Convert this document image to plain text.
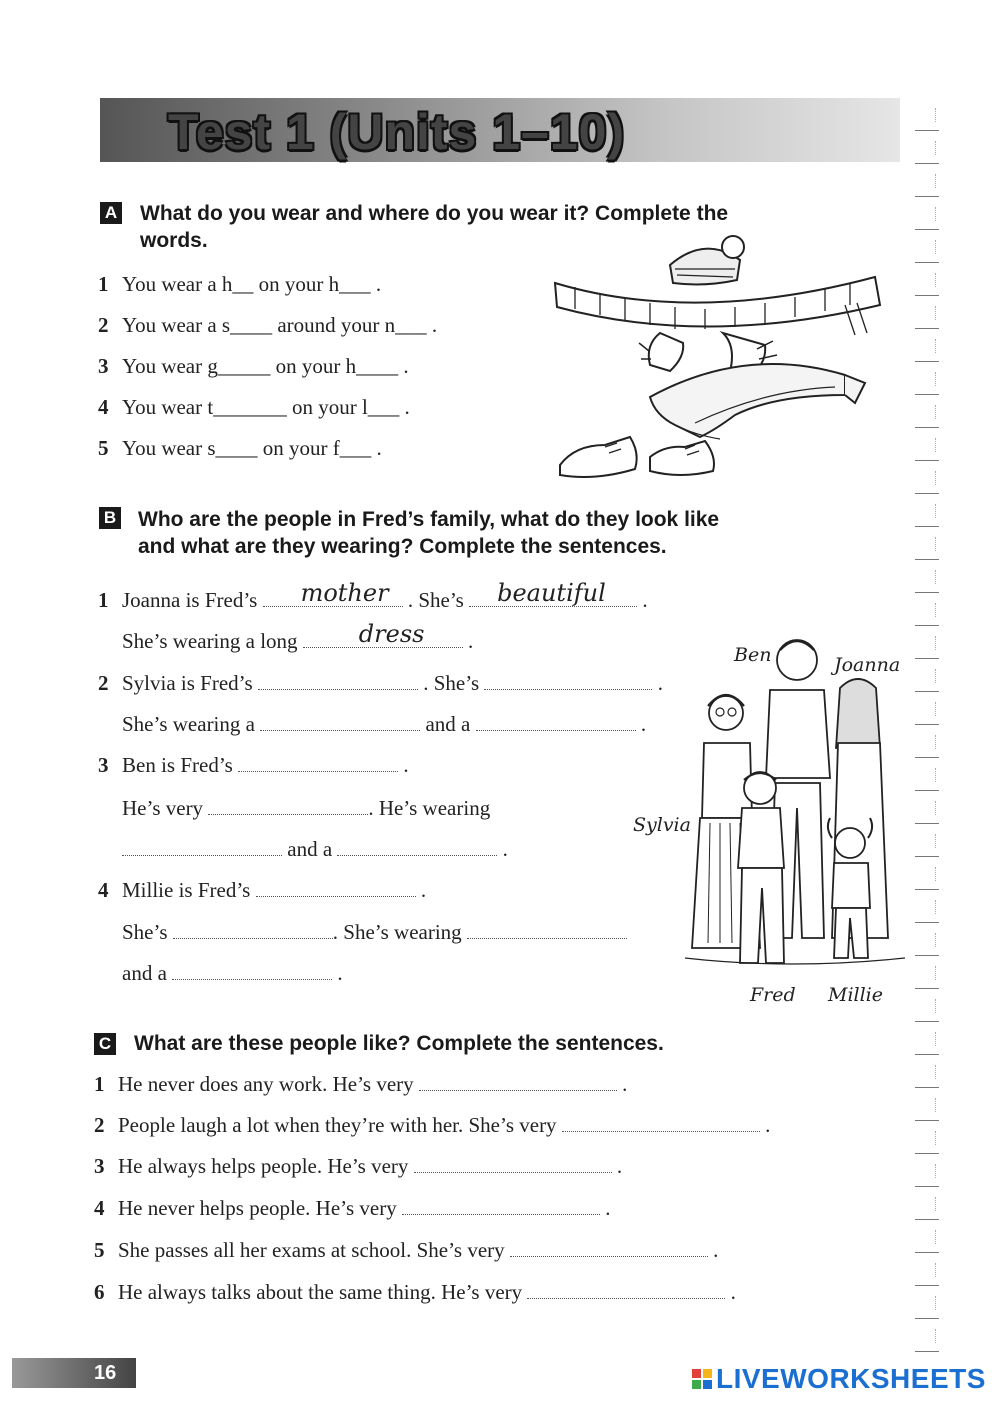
Test 1 (Units 1–10)
A What do you wear and where do you wear it? Complete the
words.
1 You wear a h__ on your h___ .
2 You wear a s____ around your n___ .
3 You wear g_____ on your h____ .
4 You wear t_______ on your l___ .
5 You wear s____ on your f___ .
B Who are the people in Fred’s family, what do they look like
and what are they wearing? Complete the sentences.
1 Joanna is Fred’s mother . She’s beautiful .
She’s wearing a long	dress .
2 Sylvia is Fred’s	. She’s	.
She’s wearing a	and a	.
3 Ben is Fred’s	.
He’s very	. He’s wearing
and a	.
4 Millie is Fred’s	.
She’s	. She’s wearing
and a	.
Ben	Joanna
Sylvia
Fred Millie
C What are these people like? Complete the sentences.
1 He never does any work. He’s very	.
2 People laugh a lot when they’re with her. She’s very	.
3 He always helps people. He’s very	.
4 He never helps people. He’s very	.
5 She passes all her exams at school. She’s very	.
6 He always talks about the same thing. He’s very	.
16	LIVEWORKSHEETS
